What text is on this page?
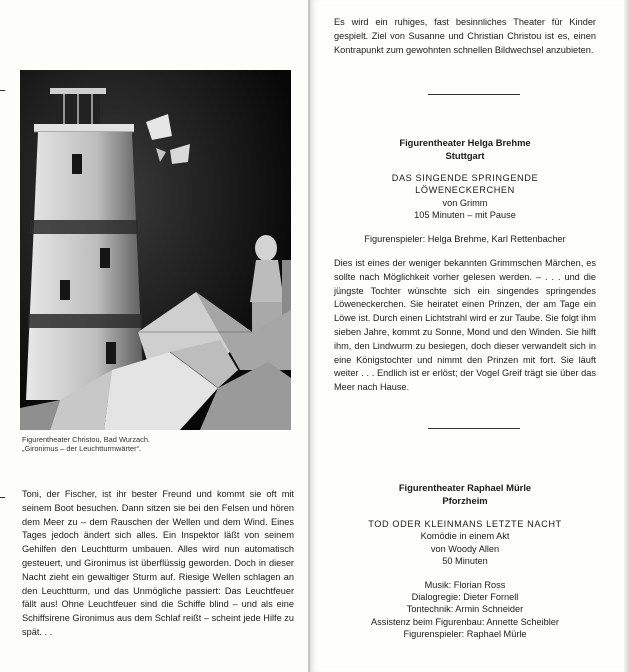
Figurentheater Christou, Bad Wurzach.
„Gironimus – der Leuchtturmwärter“.
Toni, der Fischer, ist ihr bester Freund und kommt sie oft mit seinem Boot besuchen. Dann sitzen sie bei den Felsen und hören dem Meer zu – dem Rauschen der Wellen und dem Wind. Eines Tages jedoch ändert sich alles. Ein Inspektor läßt von seinem Gehilfen den Leuchtturm umbauen. Alles wird nun automatisch gesteuert, und Gironimus ist überflüssig geworden. Doch in dieser Nacht zieht ein gewaltiger Sturm auf. Riesige Wellen schlagen an den Leuchtturm, und das Unmögliche passiert: Das Leuchtfeuer fällt aus! Ohne Leuchtfeuer sind die Schiffe blind – und als eine Schiffsirene Gironimus aus dem Schlaf reißt – scheint jede Hilfe zu spät. . .
Es wird ein ruhiges, fast besinnliches Theater für Kinder gespielt. Ziel von Susanne und Christian Christou ist es, einen Kontrapunkt zum gewohnten schnellen Bildwechsel anzubieten.
Figurentheater Helga Brehme
Stuttgart
DAS SINGENDE SPRINGENDE
LÖWENECKERCHEN
von Grimm
105 Minuten – mit Pause
Figurenspieler: Helga Brehme, Karl Rettenbacher
Dies ist eines der weniger bekannten Grimmschen Märchen, es sollte nach Möglichkeit vorher gelesen werden. – . . . und die jüngste Tochter wünschte sich ein singendes springendes Löweneckerchen. Sie heiratet einen Prinzen, der am Tage ein Löwe ist. Durch einen Lichtstrahl wird er zur Taube. Sie folgt ihm sieben Jahre, kommt zu Sonne, Mond und den Winden. Sie hilft ihm, den Lindwurm zu besiegen, doch dieser verwandelt sich in eine Königstochter und nimmt den Prinzen mit fort. Sie läuft weiter . . . Endlich ist er erlöst; der Vogel Greif trägt sie über das Meer nach Hause.
Figurentheater Raphael Mürle
Pforzheim
TOD ODER KLEINMANS LETZTE NACHT
Komödie in einem Akt
von Woody Allen
50 Minuten
Musik: Florian Ross
Dialogregie: Dieter Fornell
Tontechnik: Armin Schneider
Assistenz beim Figurenbau: Annette Scheibler
Figurenspieler: Raphael Mürle
